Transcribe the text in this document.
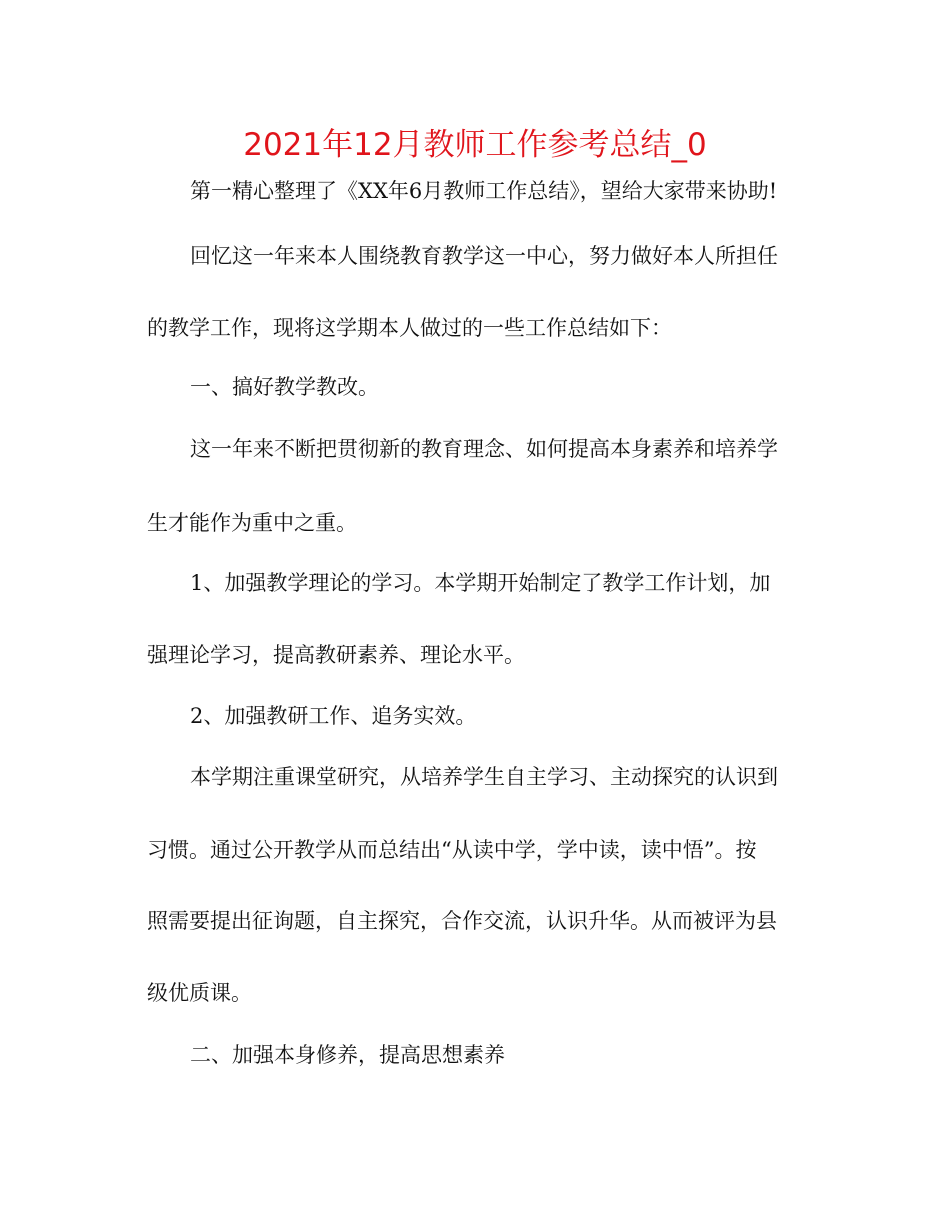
2021年12月教师工作参考总结_0

第一精心整理了《XX年6月教师工作总结》，望给大家带来协助!

回忆这一年来本人围绕教育教学这一中心，努力做好本人所担任

的教学工作，现将这学期本人做过的一些工作总结如下：

一、搞好教学教改。

这一年来不断把贯彻新的教育理念、如何提高本身素养和培养学

生才能作为重中之重。

1、加强教学理论的学习。本学期开始制定了教学工作计划，加

强理论学习，提高教研素养、理论水平。

2、加强教研工作、追务实效。

本学期注重课堂研究，从培养学生自主学习、主动探究的认识到

习惯。通过公开教学从而总结出“从读中学，学中读，读中悟”。按

照需要提出征询题，自主探究，合作交流，认识升华。从而被评为县

级优质课。

二、加强本身修养，提高思想素养
